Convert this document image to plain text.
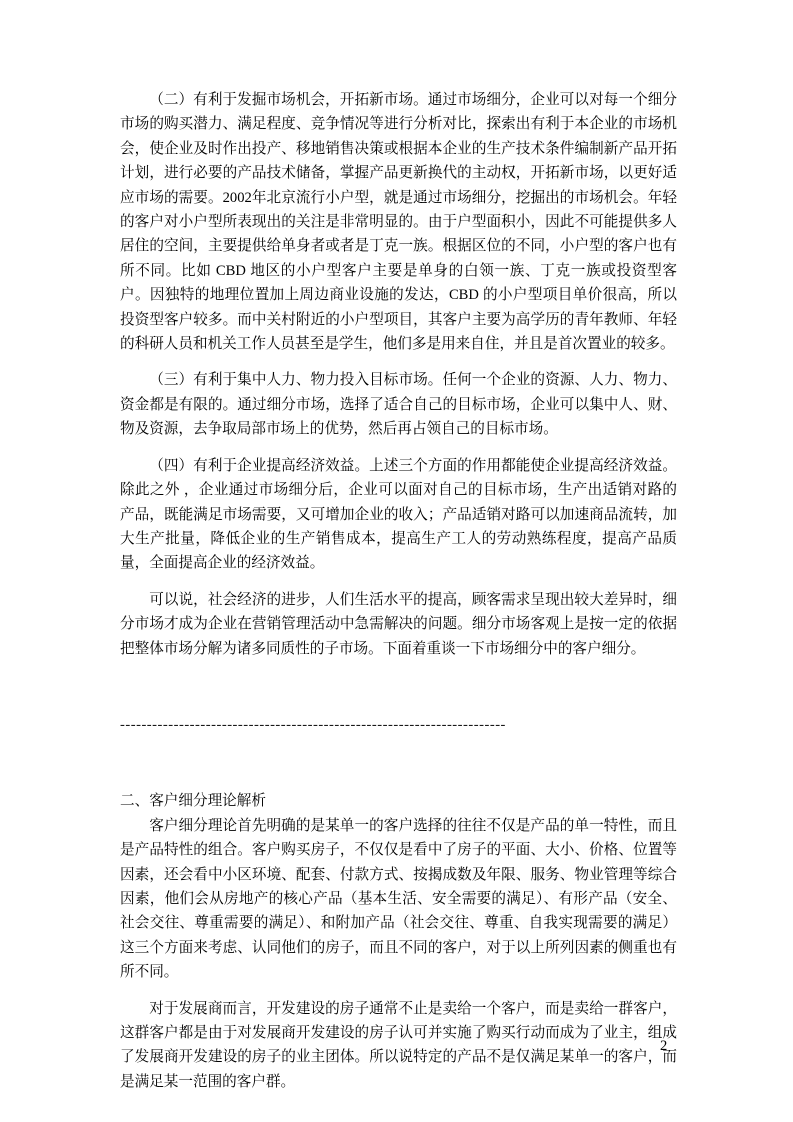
（二）有利于发掘市场机会，开拓新市场。通过市场细分，企业可以对每一个细分市场的购买潜力、满足程度、竞争情况等进行分析对比，探索出有利于本企业的市场机会，使企业及时作出投产、移地销售决策或根据本企业的生产技术条件编制新产品开拓计划，进行必要的产品技术储备，掌握产品更新换代的主动权，开拓新市场，以更好适应市场的需要。2002年北京流行小户型，就是通过市场细分，挖掘出的市场机会。年轻的客户对小户型所表现出的关注是非常明显的。由于户型面积小，因此不可能提供多人居住的空间，主要提供给单身者或者是丁克一族。根据区位的不同，小户型的客户也有所不同。比如 CBD 地区的小户型客户主要是单身的白领一族、丁克一族或投资型客户。因独特的地理位置加上周边商业设施的发达，CBD 的小户型项目单价很高，所以投资型客户较多。而中关村附近的小户型项目，其客户主要为高学历的青年教师、年轻的科研人员和机关工作人员甚至是学生，他们多是用来自住，并且是首次置业的较多。

（三）有利于集中人力、物力投入目标市场。任何一个企业的资源、人力、物力、资金都是有限的。通过细分市场，选择了适合自己的目标市场，企业可以集中人、财、物及资源，去争取局部市场上的优势，然后再占领自己的目标市场。

（四）有利于企业提高经济效益。上述三个方面的作用都能使企业提高经济效益。除此之外 ，企业通过市场细分后，企业可以面对自己的目标市场，生产出适销对路的产品，既能满足市场需要，又可增加企业的收入；产品适销对路可以加速商品流转，加大生产批量，降低企业的生产销售成本，提高生产工人的劳动熟练程度，提高产品质量，全面提高企业的经济效益。

可以说，社会经济的进步，人们生活水平的提高，顾客需求呈现出较大差异时，细分市场才成为企业在营销管理活动中急需解决的问题。细分市场客观上是按一定的依据把整体市场分解为诸多同质性的子市场。下面着重谈一下市场细分中的客户细分。

------------------------------------------------------------------------
二、客户细分理论解析

客户细分理论首先明确的是某单一的客户选择的往往不仅是产品的单一特性，而且是产品特性的组合。客户购买房子，不仅仅是看中了房子的平面、大小、价格、位置等因素，还会看中小区环境、配套、付款方式、按揭成数及年限、服务、物业管理等综合因素，他们会从房地产的核心产品（基本生活、安全需要的满足）、有形产品（安全、社会交往、尊重需要的满足）、和附加产品（社会交往、尊重、自我实现需要的满足）这三个方面来考虑、认同他们的房子，而且不同的客户，对于以上所列因素的侧重也有所不同。

对于发展商而言，开发建设的房子通常不止是卖给一个客户，而是卖给一群客户，这群客户都是由于对发展商开发建设的房子认可并实施了购买行动而成为了业主，组成了发展商开发建设的房子的业主团体。所以说特定的产品不是仅满足某单一的客户，而是满足某一范围的客户群。

2
